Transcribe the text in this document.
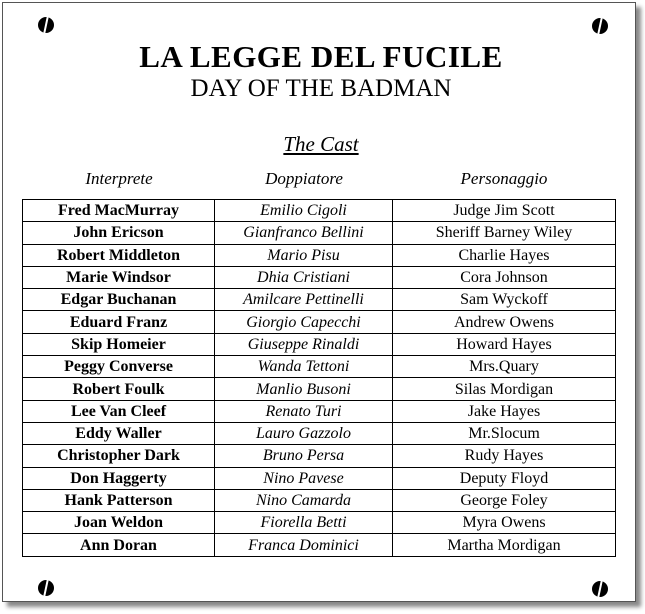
LA LEGGE DEL FUCILE
DAY OF THE BADMAN
The Cast
Interprete	Doppiatore	Personaggio
Fred MacMurray	Emilio Cigoli	Judge Jim Scott
John Ericson	Gianfranco Bellini	Sheriff Barney Wiley
Robert Middleton	Mario Pisu	Charlie Hayes
Marie Windsor	Dhia Cristiani	Cora Johnson
Edgar Buchanan	Amilcare Pettinelli	Sam Wyckoff
Eduard Franz	Giorgio Capecchi	Andrew Owens
Skip Homeier	Giuseppe Rinaldi	Howard Hayes
Peggy Converse	Wanda Tettoni	Mrs.Quary
Robert Foulk	Manlio Busoni	Silas Mordigan
Lee Van Cleef	Renato Turi	Jake Hayes
Eddy Waller	Lauro Gazzolo	Mr.Slocum
Christopher Dark	Bruno Persa	Rudy Hayes
Don Haggerty	Nino Pavese	Deputy Floyd
Hank Patterson	Nino Camarda	George Foley
Joan Weldon	Fiorella Betti	Myra Owens
Ann Doran	Franca Dominici	Martha Mordigan
